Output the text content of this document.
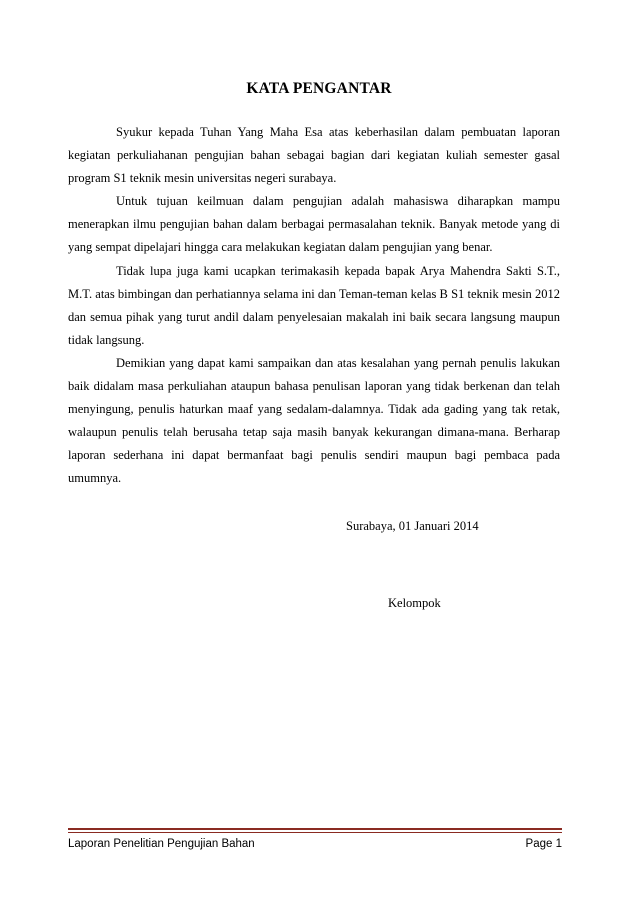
KATA PENGANTAR

Syukur kepada Tuhan Yang Maha Esa atas keberhasilan dalam pembuatan laporan kegiatan perkuliahanan pengujian bahan sebagai bagian dari kegiatan kuliah semester gasal program S1 teknik mesin universitas negeri surabaya.

Untuk tujuan keilmuan dalam pengujian adalah mahasiswa diharapkan mampu menerapkan ilmu pengujian bahan dalam berbagai permasalahan teknik. Banyak metode yang di yang sempat dipelajari hingga cara melakukan kegiatan dalam pengujian yang benar.

Tidak lupa juga kami ucapkan terimakasih kepada bapak Arya Mahendra Sakti S.T., M.T. atas bimbingan dan perhatiannya selama ini dan Teman-teman kelas B S1 teknik mesin 2012 dan semua pihak yang turut andil dalam penyelesaian makalah ini baik secara langsung maupun tidak langsung.

Demikian yang dapat kami sampaikan dan atas kesalahan yang pernah penulis lakukan baik didalam masa perkuliahan ataupun bahasa penulisan laporan yang tidak berkenan dan telah menyingung, penulis haturkan maaf yang sedalam-dalamnya. Tidak ada gading yang tak retak, walaupun penulis telah berusaha tetap saja masih banyak kekurangan dimana-mana. Berharap laporan sederhana ini dapat bermanfaat bagi penulis sendiri maupun bagi pembaca pada umumnya.

Surabaya, 01 Januari 2014
Kelompok
Laporan Penelitian Pengujian Bahan	Page 1
